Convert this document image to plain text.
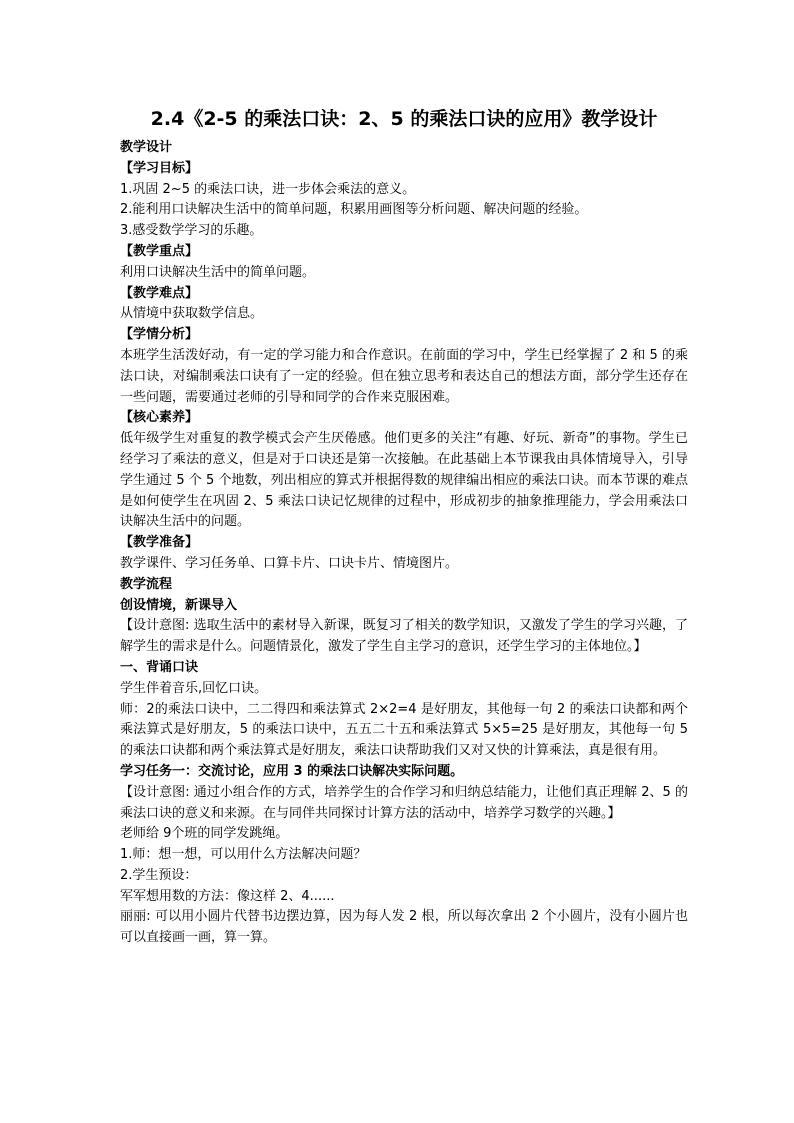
2.4《2-5 的乘法口诀：2、5 的乘法口诀的应用》教学设计

教学设计

【学习目标】

1.巩固 2~5 的乘法口诀，进一步体会乘法的意义。

2.能利用口诀解决生活中的简单问题，积累用画图等分析问题、解决问题的经验。

3.感受数学学习的乐趣。

【教学重点】

利用口诀解决生活中的简单问题。

【教学难点】

从情境中获取数学信息。

【学情分析】

本班学生活泼好动，有一定的学习能力和合作意识。在前面的学习中，学生已经掌握了 2 和 5 的乘法口诀，对编制乘法口诀有了一定的经验。但在独立思考和表达自己的想法方面，部分学生还存在一些问题，需要通过老师的引导和同学的合作来克服困难。

【核心素养】

低年级学生对重复的教学模式会产生厌倦感。他们更多的关注“有趣、好玩、新奇”的事物。学生已经学习了乘法的意义，但是对于口诀还是第一次接触。在此基础上本节课我由具体情境导入，引导学生通过 5 个 5 个地数，列出相应的算式并根据得数的规律编出相应的乘法口诀。而本节课的难点是如何使学生在巩固 2、5 乘法口诀记忆规律的过程中，形成初步的抽象推理能力，学会用乘法口诀解决生活中的问题。

【教学准备】

教学课件、学习任务单、口算卡片、口诀卡片、情境图片。

教学流程

创设情境，新课导入

【设计意图: 选取生活中的素材导入新课，既复习了相关的数学知识，又激发了学生的学习兴趣，了解学生的需求是什么。问题情景化，激发了学生自主学习的意识，还学生学习的主体地位。】

一、背诵口诀

学生伴着音乐,回忆口诀。

师：2的乘法口诀中，二二得四和乘法算式 2×2=4 是好朋友，其他每一句 2 的乘法口诀都和两个乘法算式是好朋友，5 的乘法口诀中，五五二十五和乘法算式 5×5=25 是好朋友，其他每一句 5 的乘法口诀都和两个乘法算式是好朋友，乘法口诀帮助我们又对又快的计算乘法，真是很有用。

学习任务一：交流讨论，应用 3 的乘法口诀解决实际问题。

【设计意图: 通过小组合作的方式，培养学生的合作学习和归纳总结能力，让他们真正理解 2、5 的乘法口诀的意义和来源。在与同伴共同探讨计算方法的活动中，培养学习数学的兴趣。】

老师给 9个班的同学发跳绳。

1.师：想一想，可以用什么方法解决问题？

2.学生预设：

军军想用数的方法：像这样 2、4......

丽丽: 可以用小圆片代替书边摆边算，因为每人发 2 根，所以每次拿出 2 个小圆片，没有小圆片也可以直接画一画，算一算。
